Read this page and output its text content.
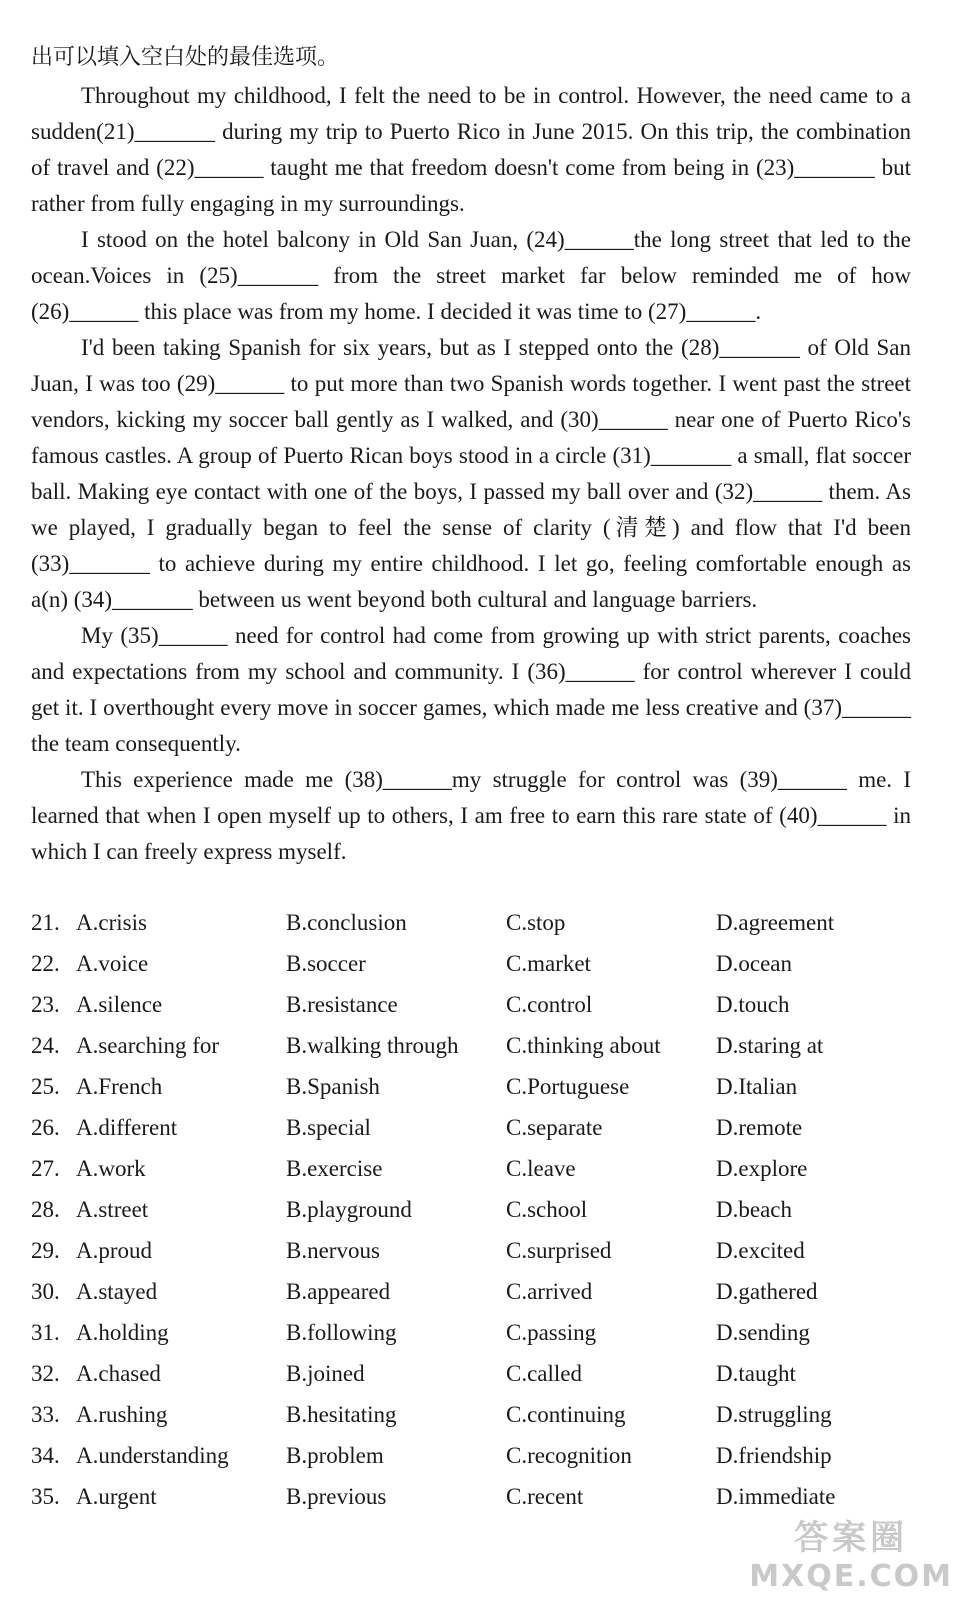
出可以填入空白处的最佳选项。

Throughout my childhood, I felt the need to be in control. However, the need came to a sudden(21)_______ during my trip to Puerto Rico in June 2015. On this trip, the combination of travel and (22)______ taught me that freedom doesn't come from being in (23)_______ but rather from fully engaging in my surroundings.

I stood on the hotel balcony in Old San Juan, (24)______the long street that led to the ocean.Voices in (25)_______ from the street market far below reminded me of how (26)______ this place was from my home. I decided it was time to (27)______.

I'd been taking Spanish for six years, but as I stepped onto the (28)_______ of Old San Juan, I was too (29)______ to put more than two Spanish words together. I went past the street vendors, kicking my soccer ball gently as I walked, and (30)______ near one of Puerto Rico's famous castles. A group of Puerto Rican boys stood in a circle (31)_______ a small, flat soccer ball. Making eye contact with one of the boys, I passed my ball over and (32)______ them. As we played, I gradually began to feel the sense of clarity (清楚) and flow that I'd been (33)_______ to achieve during my entire childhood. I let go, feeling comfortable enough as a(n) (34)_______ between us went beyond both cultural and language barriers.

My (35)______ need for control had come from growing up with strict parents, coaches and expectations from my school and community. I (36)______ for control wherever I could get it. I overthought every move in soccer games, which made me less creative and (37)______ the team consequently.

This experience made me (38)______my struggle for control was (39)______ me. I learned that when I open myself up to others, I am free to earn this rare state of (40)______ in which I can freely express myself.

21. A.crisis	B.conclusion	C.stop	D.agreement
22. A.voice	B.soccer	C.market	D.ocean
23. A.silence	B.resistance	C.control	D.touch
24. A.searching for	B.walking through	C.thinking about	D.staring at
25. A.French	B.Spanish	C.Portuguese	D.Italian
26. A.different	B.special	C.separate	D.remote
27. A.work	B.exercise	C.leave	D.explore
28. A.street	B.playground	C.school	D.beach
29. A.proud	B.nervous	C.surprised	D.excited
30. A.stayed	B.appeared	C.arrived	D.gathered
31. A.holding	B.following	C.passing	D.sending
32. A.chased	B.joined	C.called	D.taught
33. A.rushing	B.hesitating	C.continuing	D.struggling
34. A.understanding B.problem	C.recognition	D.friendship
35. A.urgent	B.previous	C.recent	D.immediate
答案圈
MXQE.COM
